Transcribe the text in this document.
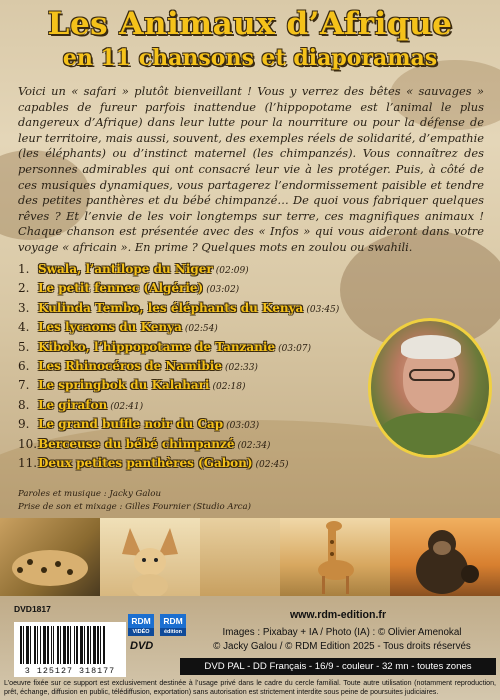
Les Animaux d’Afrique
en 11 chansons et diaporamas

Voici un « safari » plutôt bienveillant ! Vous y verrez des bêtes « sauvages » capables de fureur parfois inattendue (l’hippopotame est l’animal le plus dangereux d’Afrique) dans leur lutte pour la nourriture ou pour la défense de leur territoire, mais aussi, souvent, des exemples réels de solidarité, d’empathie (les éléphants) ou d’instinct maternel (les chimpanzés). Vous connaîtrez des personnes admirables qui ont consacré leur vie à les protéger. Puis, à côté de ces musiques dynamiques, vous partagerez l’endormissement paisible et tendre des petites panthères et du bébé chimpanzé… De quoi vous fabriquer quelques rêves ? Et l’envie de les voir longtemps sur terre, ces magnifiques animaux ! Chaque chanson est présentée avec des « Infos » qui vous aideront dans votre voyage « africain ». En prime ? Quelques mots en zoulou ou swahili.

1. Swala, l’antilope du Niger (02:09)
2. Le petit fennec (Algérie) (03:02)
3. Kulinda Tembo, les éléphants du Kenya (03:45)
4. Les lycaons du Kenya (02:54)
5. Kiboko, l’hippopotame de Tanzanie (03:07)
6. Les Rhinocéros de Namibie (02:33)
7. Le springbok du Kalahari (02:18)
8. Le girafon (02:41)
9. Le grand buffle noir du Cap (03:03)
10. Berceuse du bébé chimpanzé (02:34)
11. Deux petites panthères (Gabon) (02:45)
Paroles et musique : Jacky Galou
Prise de son et mixage : Gilles Fournier (Studio Arca)
DVD1817
3 125127 318177
RDM
VIDÉO
RDM
édition
DVD
www.rdm-edition.fr
Images : Pixabay + IA / Photo (IA) : © Olivier Amenokal
© Jacky Galou / © RDM Edition 2025 - Tous droits réservés
DVD PAL - DD Français - 16/9 - couleur - 32 mn - toutes zones
L’oeuvre fixée sur ce support est exclusivement destinée à l’usage privé dans le cadre du cercle familial. Toute autre utilisation (notamment reproduction, prêt, échange, diffusion en public, télédiffusion, exportation) sans autorisation est strictement interdite sous peine de poursuites judiciaires.
